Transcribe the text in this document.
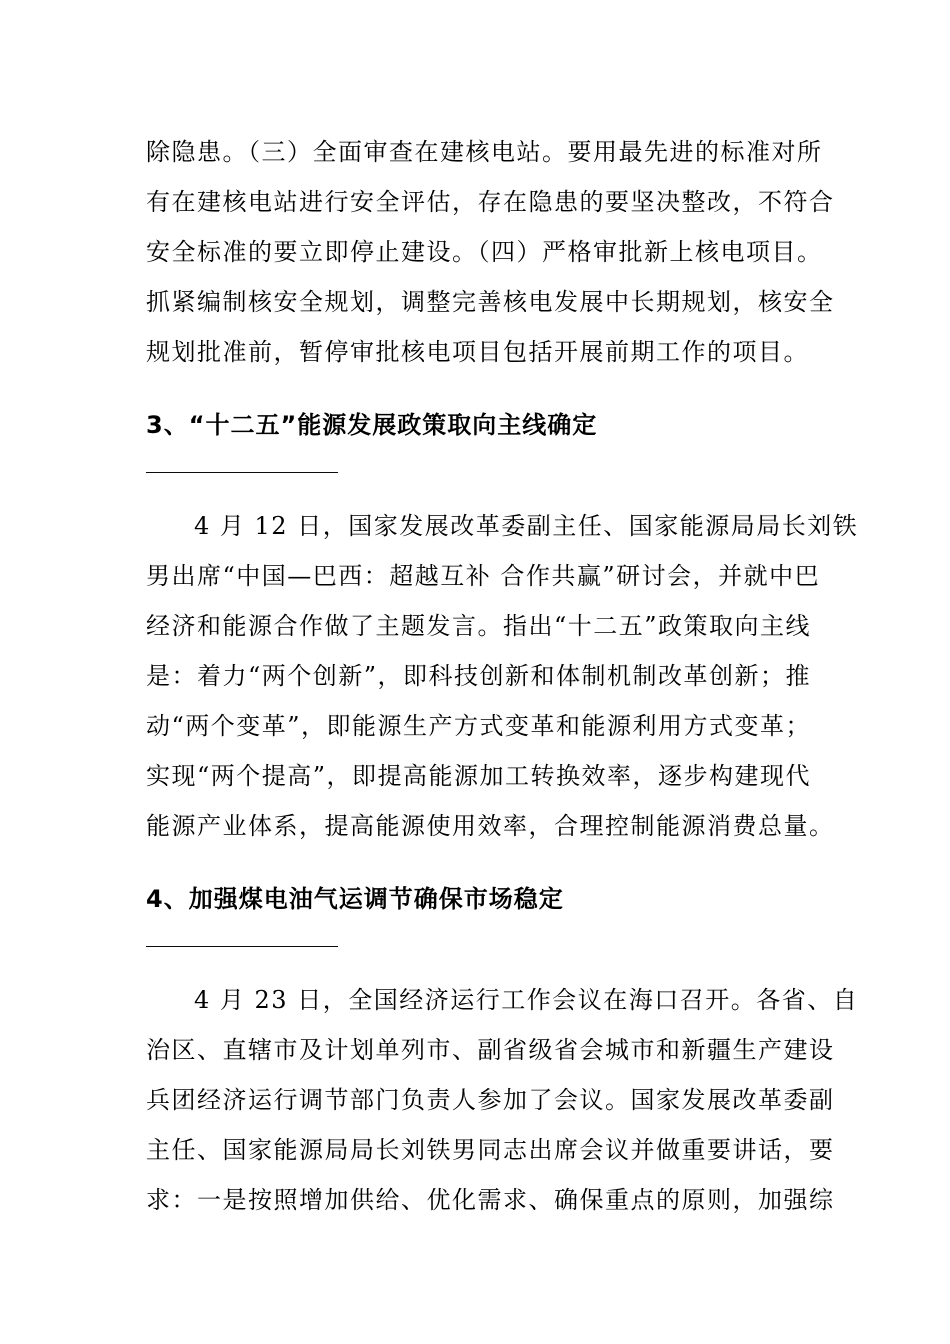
除隐患。（三）全面审查在建核电站。要用最先进的标准对所
有在建核电站进行安全评估，存在隐患的要坚决整改，不符合
安全标准的要立即停止建设。（四）严格审批新上核电项目。
抓紧编制核安全规划，调整完善核电发展中长期规划，核安全
规划批准前，暂停审批核电项目包括开展前期工作的项目。
3、“十二五”能源发展政策取向主线确定
________________
4 月 12 日，国家发展改革委副主任、国家能源局局长刘铁
男出席“中国—巴西：超越互补 合作共赢”研讨会，并就中巴
经济和能源合作做了主题发言。指出“十二五”政策取向主线
是：着力“两个创新”，即科技创新和体制机制改革创新；推
动“两个变革”，即能源生产方式变革和能源利用方式变革；
实现“两个提高”，即提高能源加工转换效率，逐步构建现代
能源产业体系，提高能源使用效率，合理控制能源消费总量。
4、加强煤电油气运调节确保市场稳定
________________
4 月 23 日，全国经济运行工作会议在海口召开。各省、自
治区、直辖市及计划单列市、副省级省会城市和新疆生产建设
兵团经济运行调节部门负责人参加了会议。国家发展改革委副
主任、国家能源局局长刘铁男同志出席会议并做重要讲话，要
求：一是按照增加供给、优化需求、确保重点的原则，加强综
